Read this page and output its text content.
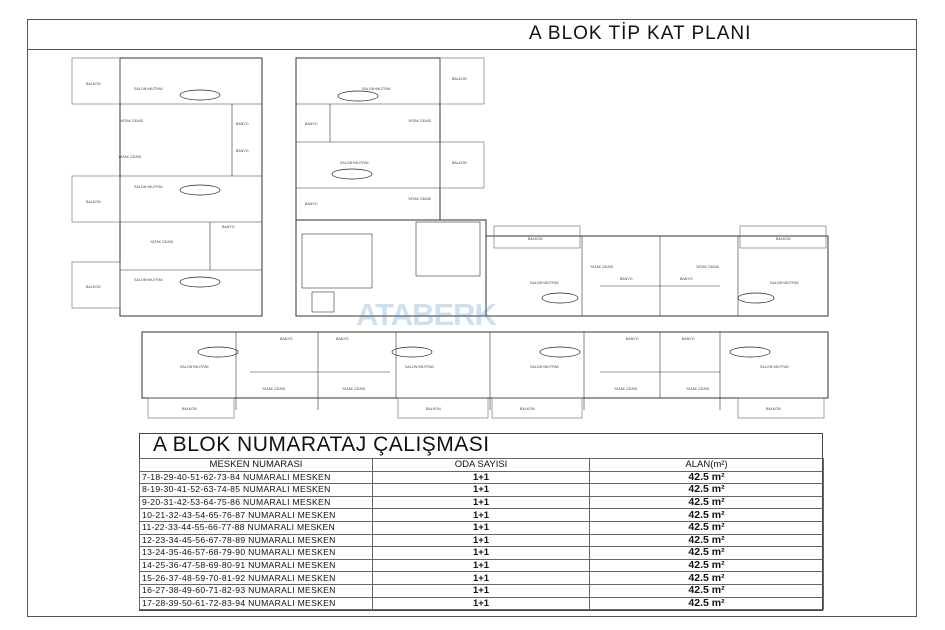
A BLOK TİP KAT PLANI
BALKON
BALKON
BALKON
BALKON
BALKON
BALKON	BALKON
BALKON	BALKON	BALKON	BALKON
SALON+MUTFAK
SALON+MUTFAK
SALON+MUTFAK
SALON+MUTFAK
SALON+MUTFAK
SALON+MUTFAK	SALON+MUTFAK
SALON+MUTFAK	SALON+MUTFAK	SALON+MUTFAK	SALON+MUTFAK
YATAK ODASI
YATAK ODASI
YATAK ODASI
YATAK ODASI
YATAK ODASI
YATAK ODASI	YATAK ODASI
YATAK ODASI	YATAK ODASI	YATAK ODASI	YATAK ODASI
BANYO
BANYO
BANYO
BANYO
BANYO
BANYO	BANYO
BANYO	BANYO	BANYO	BANYO
ATABERK
A BLOK NUMARATAJ ÇALIŞMASI
MESKEN NUMARASI	ODA SAYISI	ALAN(m²)
7-18-29-40-51-62-73-84 NUMARALI MESKEN	1+1	42.5 m²
8-19-30-41-52-63-74-85 NUMARALI MESKEN	1+1	42.5 m²
9-20-31-42-53-64-75-86 NUMARALI MESKEN	1+1	42.5 m²
10-21-32-43-54-65-76-87 NUMARALI MESKEN	1+1	42.5 m²
11-22-33-44-55-66-77-88 NUMARALI MESKEN	1+1	42.5 m²
12-23-34-45-56-67-78-89 NUMARALI MESKEN	1+1	42.5 m²
13-24-35-46-57-68-79-90 NUMARALI MESKEN	1+1	42.5 m²
14-25-36-47-58-69-80-91 NUMARALI MESKEN	1+1	42.5 m²
15-26-37-48-59-70-81-92 NUMARALI MESKEN	1+1	42.5 m²
16-27-38-49-60-71-82-93 NUMARALI MESKEN	1+1	42.5 m²
17-28-39-50-61-72-83-94 NUMARALI MESKEN	1+1	42.5 m²
